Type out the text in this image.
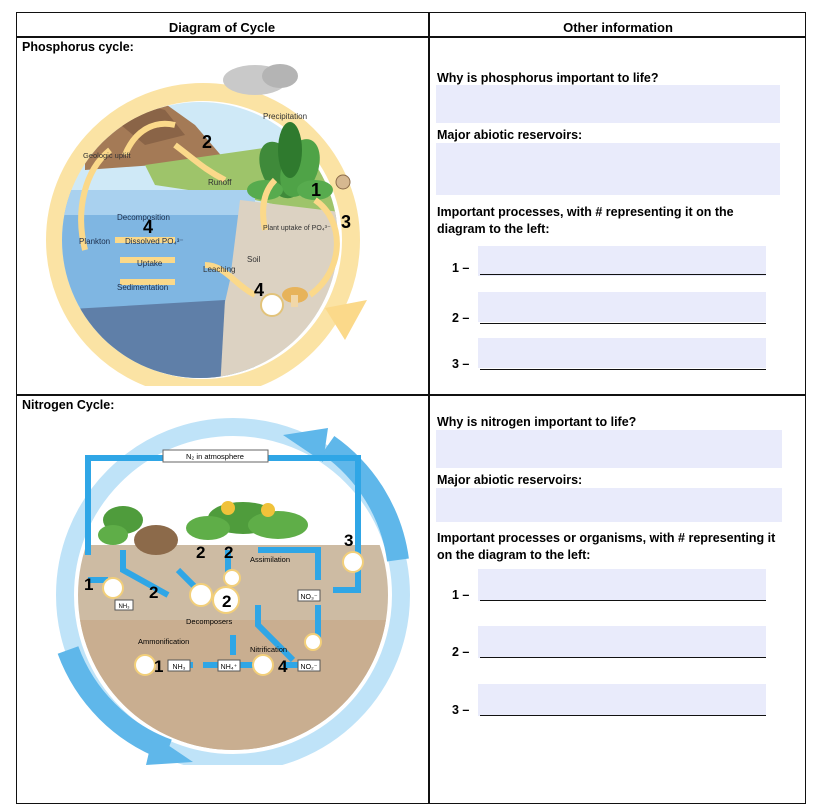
Diagram of Cycle	Other information
Phosphorus cycle:
Precipitation
Geologic uplift
Runoff
Decomposition
Plankton Dissolved PO₄³⁻
Uptake
Leaching
Sedimentation
Soil
Plant uptake of PO₄³⁻
1
2
3
4
4
Why is phosphorus important to life?
Major abiotic reservoirs:
Important processes, with # representing it on the diagram to the left:
1 –
2 –
3 –
Nitrogen Cycle:
N₂ in atmosphere
NH₃
NH₃	NH₄⁺	NO₂⁻
NO₃⁻
Assimilation
Decomposers
Ammonification
Nitrification
1
1
2
2 2
2
3
4
Why is nitrogen important to life?
Major abiotic reservoirs:
Important processes or organisms, with # representing it on the diagram to the left:
1 –
2 –
3 –
